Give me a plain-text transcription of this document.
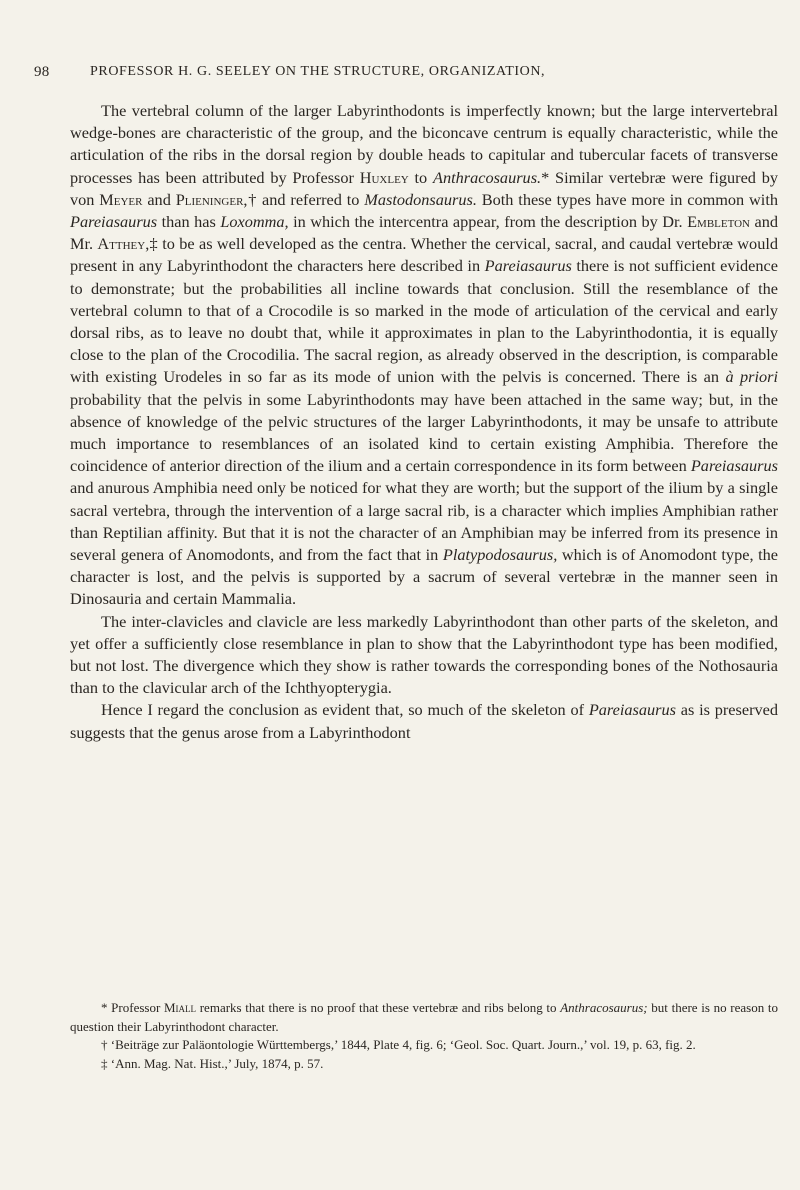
98	PROFESSOR H. G. SEELEY ON THE STRUCTURE, ORGANIZATION,

The vertebral column of the larger Labyrinthodonts is imperfectly known; but the large intervertebral wedge-bones are characteristic of the group, and the biconcave centrum is equally characteristic, while the articulation of the ribs in the dorsal region by double heads to capitular and tubercular facets of transverse processes has been attributed by Professor Huxley to Anthracosaurus.* Similar vertebræ were figured by von Meyer and Plieninger,† and referred to Mastodonsaurus. Both these types have more in common with Pareiasaurus than has Loxomma, in which the intercentra appear, from the description by Dr. Embleton and Mr. Atthey,‡ to be as well developed as the centra. Whether the cervical, sacral, and caudal vertebræ would present in any Labyrinthodont the characters here described in Pareiasaurus there is not sufficient evidence to demonstrate; but the probabilities all incline towards that conclusion. Still the resemblance of the vertebral column to that of a Crocodile is so marked in the mode of articulation of the cervical and early dorsal ribs, as to leave no doubt that, while it approximates in plan to the Labyrinthodontia, it is equally close to the plan of the Crocodilia. The sacral region, as already observed in the description, is comparable with existing Urodeles in so far as its mode of union with the pelvis is concerned. There is an à priori probability that the pelvis in some Labyrinthodonts may have been attached in the same way; but, in the absence of knowledge of the pelvic structures of the larger Labyrinthodonts, it may be unsafe to attribute much importance to resemblances of an isolated kind to certain existing Amphibia. Therefore the coincidence of anterior direction of the ilium and a certain correspondence in its form between Pareiasaurus and anurous Amphibia need only be noticed for what they are worth; but the support of the ilium by a single sacral vertebra, through the intervention of a large sacral rib, is a character which implies Amphibian rather than Reptilian affinity. But that it is not the character of an Amphibian may be inferred from its presence in several genera of Anomodonts, and from the fact that in Platypodosaurus, which is of Anomodont type, the character is lost, and the pelvis is supported by a sacrum of several vertebræ in the manner seen in Dinosauria and certain Mammalia.

The inter-clavicles and clavicle are less markedly Labyrinthodont than other parts of the skeleton, and yet offer a sufficiently close resemblance in plan to show that the Labyrinthodont type has been modified, but not lost. The divergence which they show is rather towards the corresponding bones of the Nothosauria than to the clavicular arch of the Ichthyopterygia.

Hence I regard the conclusion as evident that, so much of the skeleton of Pareiasaurus as is preserved suggests that the genus arose from a Labyrinthodont

* Professor Miall remarks that there is no proof that these vertebræ and ribs belong to Anthracosaurus; but there is no reason to question their Labyrinthodont character.

† ‘Beiträge zur Paläontologie Württembergs,’ 1844, Plate 4, fig. 6; ‘Geol. Soc. Quart. Journ.,’ vol. 19, p. 63, fig. 2.

‡ ‘Ann. Mag. Nat. Hist.,’ July, 1874, p. 57.
